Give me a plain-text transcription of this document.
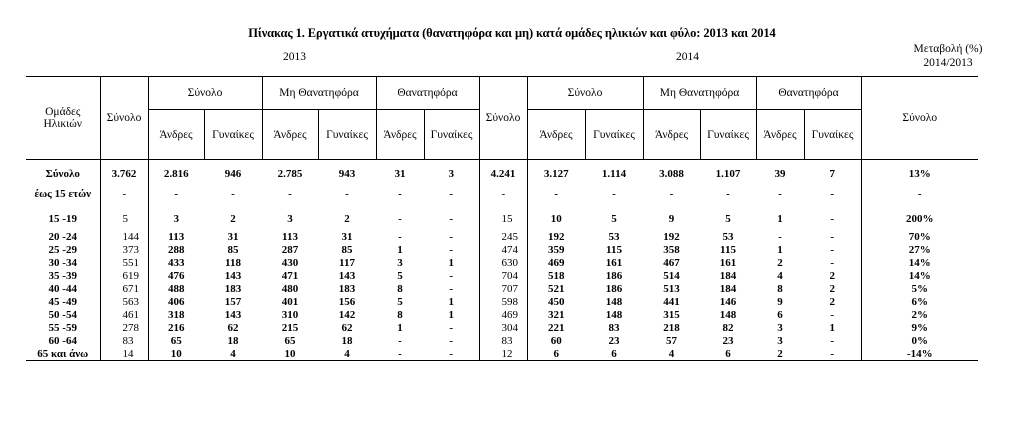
Πίνακας 1. Εργατικά ατυχήματα (θανατηφόρα και μη) κατά ομάδες ηλικιών και φύλο: 2013 και 2014
2013	2014
Μεταβολή (%)
2014/2013
Ομάδες
Ηλικιών	Σύνολο	Σύνολο		Μη Θανατηφόρα		Θανατηφόρα		Σύνολο	Σύνολο		Μη Θανατηφόρα		Θανατηφόρα		Σύνολο
		Άνδρες	Γυναίκες	Άνδρες	Γυναίκες	Άνδρες	Γυναίκες		Άνδρες	Γυναίκες	Άνδρες	Γυναίκες	Άνδρες	Γυναίκες	

Σύνολο	3.762	2.816	946	2.785	943	31	3	4.241	3.127	1.114	3.088	1.107	39	7	13%
έως 15 ετών	-	-	-	-	-	-	-	-	-	-	-	-	-	-	-
15 -19	5	3	2	3	2	-	-	15	10	5	9	5	1	-	200%
20 -24	144	113	31	113	31	-	-	245	192	53	192	53	-	-	70%
25 -29	373	288	85	287	85	1	-	474	359	115	358	115	1	-	27%
30 -34	551	433	118	430	117	3	1	630	469	161	467	161	2	-	14%
35 -39	619	476	143	471	143	5	-	704	518	186	514	184	4	2	14%
40 -44	671	488	183	480	183	8	-	707	521	186	513	184	8	2	5%
45 -49	563	406	157	401	156	5	1	598	450	148	441	146	9	2	6%
50 -54	461	318	143	310	142	8	1	469	321	148	315	148	6	-	2%
55 -59	278	216	62	215	62	1	-	304	221	83	218	82	3	1	9%
60 -64	83	65	18	65	18	-	-	83	60	23	57	23	3	-	0%
65 και άνω	14	10	4	10	4	-	-	12	6	6	4	6	2	-	-14%
